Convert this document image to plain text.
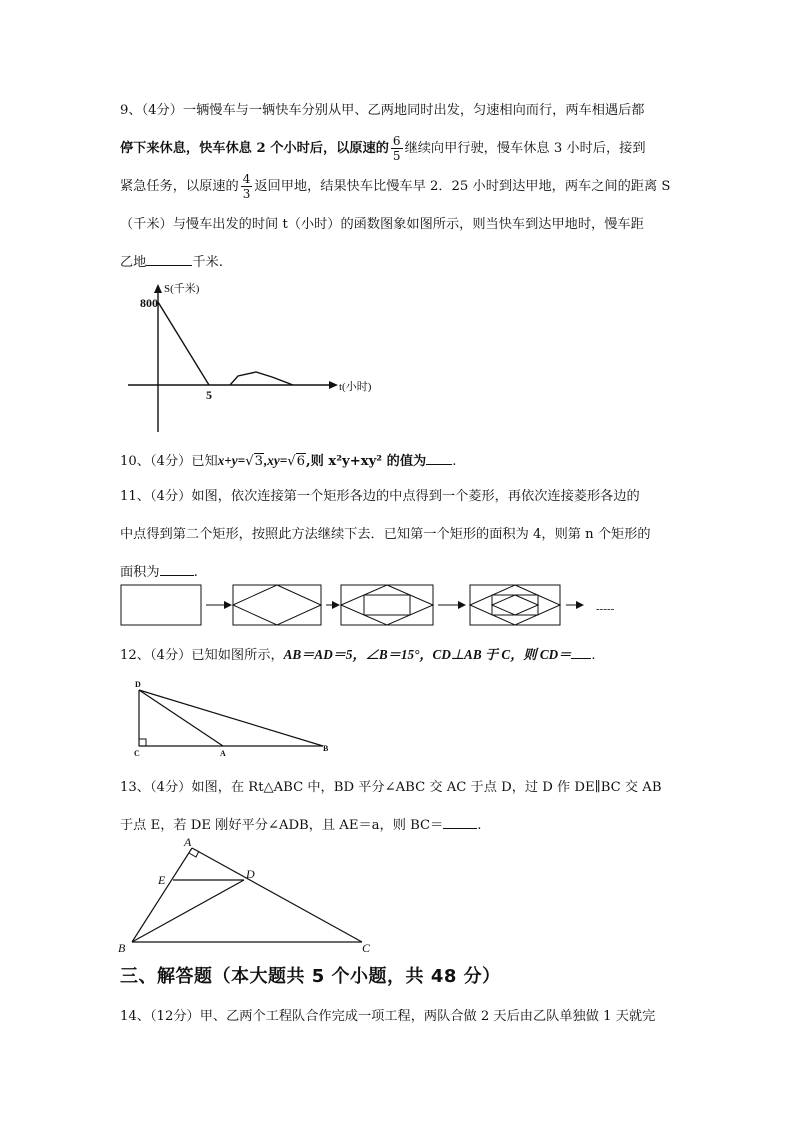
9、（4分）一辆慢车与一辆快车分别从甲、乙两地同时出发，匀速相向而行，两车相遇后都
停下来休息，快车休息 2 个小时后，以原速的 $\frac{6}{5}$ 继续向甲行驶，慢车休息 3 小时后，接到
紧急任务，以原速的 $\frac{4}{3}$ 返回甲地，结果快车比慢车早 2．25 小时到达甲地，两车之间的距离 S
（千米）与慢车出发的时间 t（小时）的函数图象如图所示，则当快车到达甲地时，慢车距
乙地	千米.
S(千米)
800
5
t(小时)
10、（4分）已知x+y=√3,xy=√6,则 x²y+xy² 的值为 .
11、（4分）如图，依次连接第一个矩形各边的中点得到一个菱形，再依次连接菱形各边的
中点得到第二个矩形，按照此方法继续下去．已知第一个矩形的面积为 4，则第 n 个矩形的
面积为	.
-----
12、（4分）已知如图所示，AB＝AD＝5，∠B＝15°，CD⊥AB 于 C，则 CD＝ .
D
C	A
B
13、（4分）如图，在 Rt△ABC 中，BD 平分∠ABC 交 AC 于点 D，过 D 作 DE∥BC 交 AB
于点 E，若 DE 刚好平分∠ADB，且 AE＝a，则 BC＝	.
A
E	D
B	C
三、解答题（本大题共 5 个小题，共 48 分）
14、（12分）甲、乙两个工程队合作完成一项工程，两队合做 2 天后由乙队单独做 1 天就完
